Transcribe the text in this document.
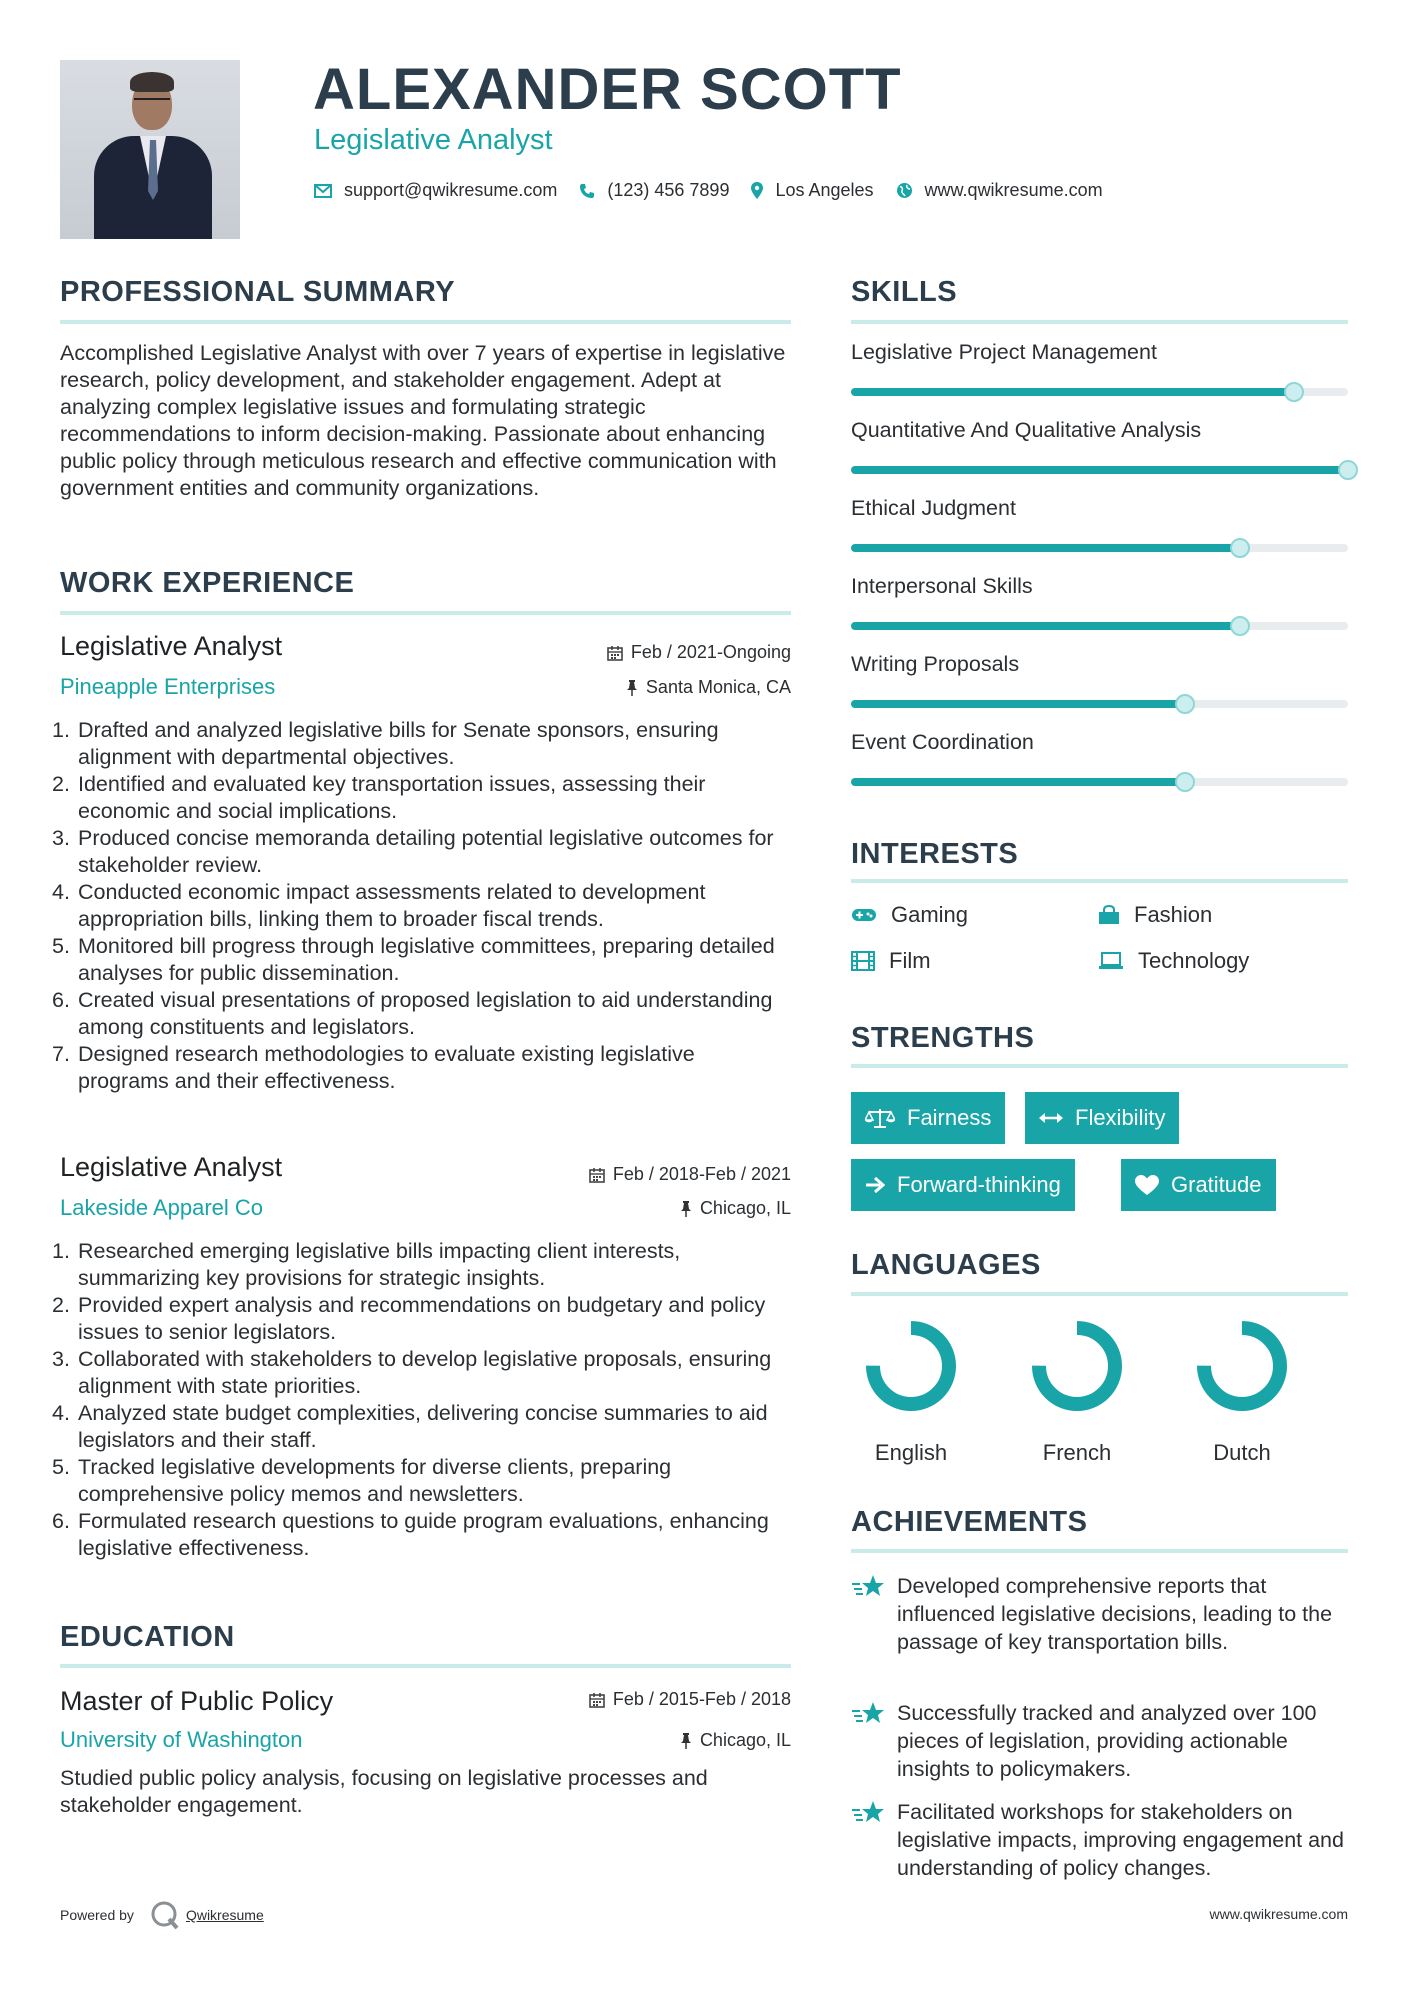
ALEXANDER SCOTT
Legislative Analyst
support@qwikresume.com	(123) 456 7899	Los Angeles	www.qwikresume.com
PROFESSIONAL SUMMARY
Accomplished Legislative Analyst with over 7 years of expertise in legislative research, policy development, and stakeholder engagement. Adept at analyzing complex legislative issues and formulating strategic recommendations to inform decision-making. Passionate about enhancing public policy through meticulous research and effective communication with government entities and community organizations.
WORK EXPERIENCE
Legislative Analyst	Feb / 2021-Ongoing
Pineapple Enterprises	Santa Monica, CA
1. Drafted and analyzed legislative bills for Senate sponsors, ensuring alignment with departmental objectives.
2. Identified and evaluated key transportation issues, assessing their economic and social implications.
3. Produced concise memoranda detailing potential legislative outcomes for stakeholder review.
4. Conducted economic impact assessments related to development appropriation bills, linking them to broader fiscal trends.
5. Monitored bill progress through legislative committees, preparing detailed analyses for public dissemination.
6. Created visual presentations of proposed legislation to aid understanding among constituents and legislators.
7. Designed research methodologies to evaluate existing legislative programs and their effectiveness.
Legislative Analyst	Feb / 2018-Feb / 2021
Lakeside Apparel Co	Chicago, IL
1. Researched emerging legislative bills impacting client interests, summarizing key provisions for strategic insights.
2. Provided expert analysis and recommendations on budgetary and policy issues to senior legislators.
3. Collaborated with stakeholders to develop legislative proposals, ensuring alignment with state priorities.
4. Analyzed state budget complexities, delivering concise summaries to aid legislators and their staff.
5. Tracked legislative developments for diverse clients, preparing comprehensive policy memos and newsletters.
6. Formulated research questions to guide program evaluations, enhancing legislative effectiveness.
EDUCATION
Master of Public Policy	Feb / 2015-Feb / 2018
University of Washington	Chicago, IL
Studied public policy analysis, focusing on legislative processes and stakeholder engagement.
SKILLS
Legislative Project Management
Quantitative And Qualitative Analysis
Ethical Judgment
Interpersonal Skills
Writing Proposals
Event Coordination
INTERESTS
Gaming	Fashion
Film	Technology
STRENGTHS
Fairness	Flexibility
Forward-thinking	Gratitude
LANGUAGES
English	French	Dutch
ACHIEVEMENTS
Developed comprehensive reports that influenced legislative decisions, leading to the passage of key transportation bills.
Successfully tracked and analyzed over 100 pieces of legislation, providing actionable insights to policymakers.
Facilitated workshops for stakeholders on legislative impacts, improving engagement and understanding of policy changes.
Powered by	Qwikresume	www.qwikresume.com
